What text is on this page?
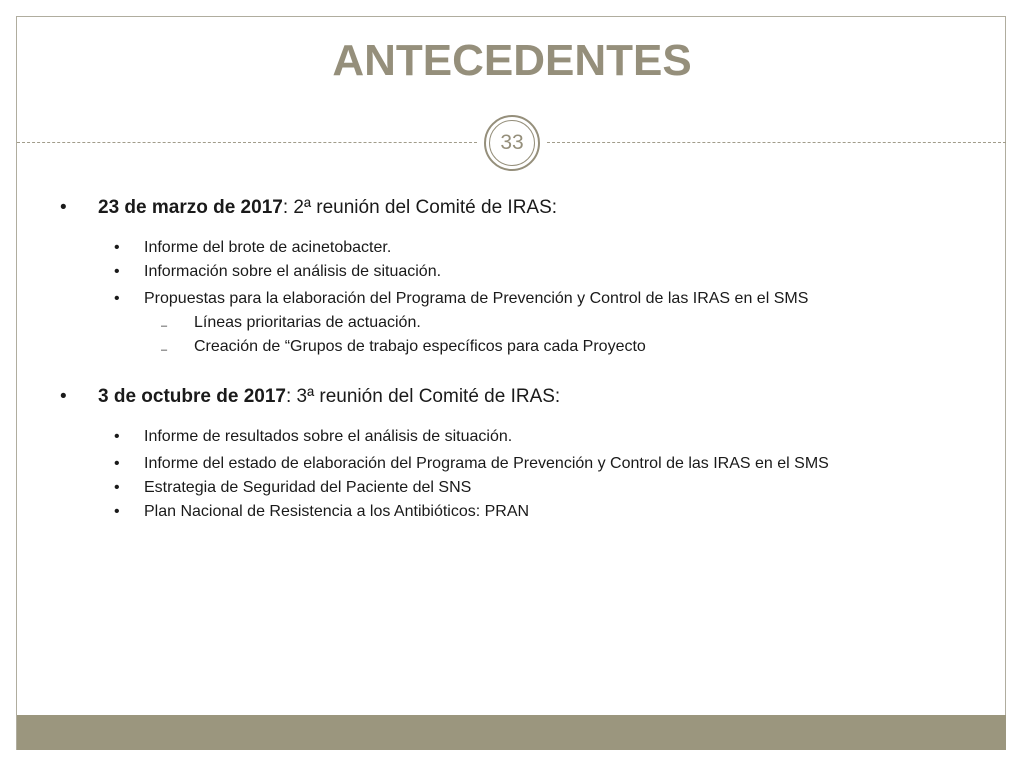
ANTECEDENTES
33
• 23 de marzo de 2017: 2ª reunión del Comité de IRAS:
• Informe del brote de acinetobacter.
• Información sobre el análisis de situación.
• Propuestas para la elaboración del Programa de Prevención y Control de las IRAS en el SMS
– Líneas prioritarias de actuación.
– Creación de “Grupos de trabajo específicos para cada Proyecto
• 3 de octubre de 2017: 3ª reunión del Comité de IRAS:
• Informe de resultados sobre el análisis de situación.
• Informe del estado de elaboración del Programa de Prevención y Control de las IRAS en el SMS
• Estrategia de Seguridad del Paciente del SNS
• Plan Nacional de Resistencia a los Antibióticos: PRAN
